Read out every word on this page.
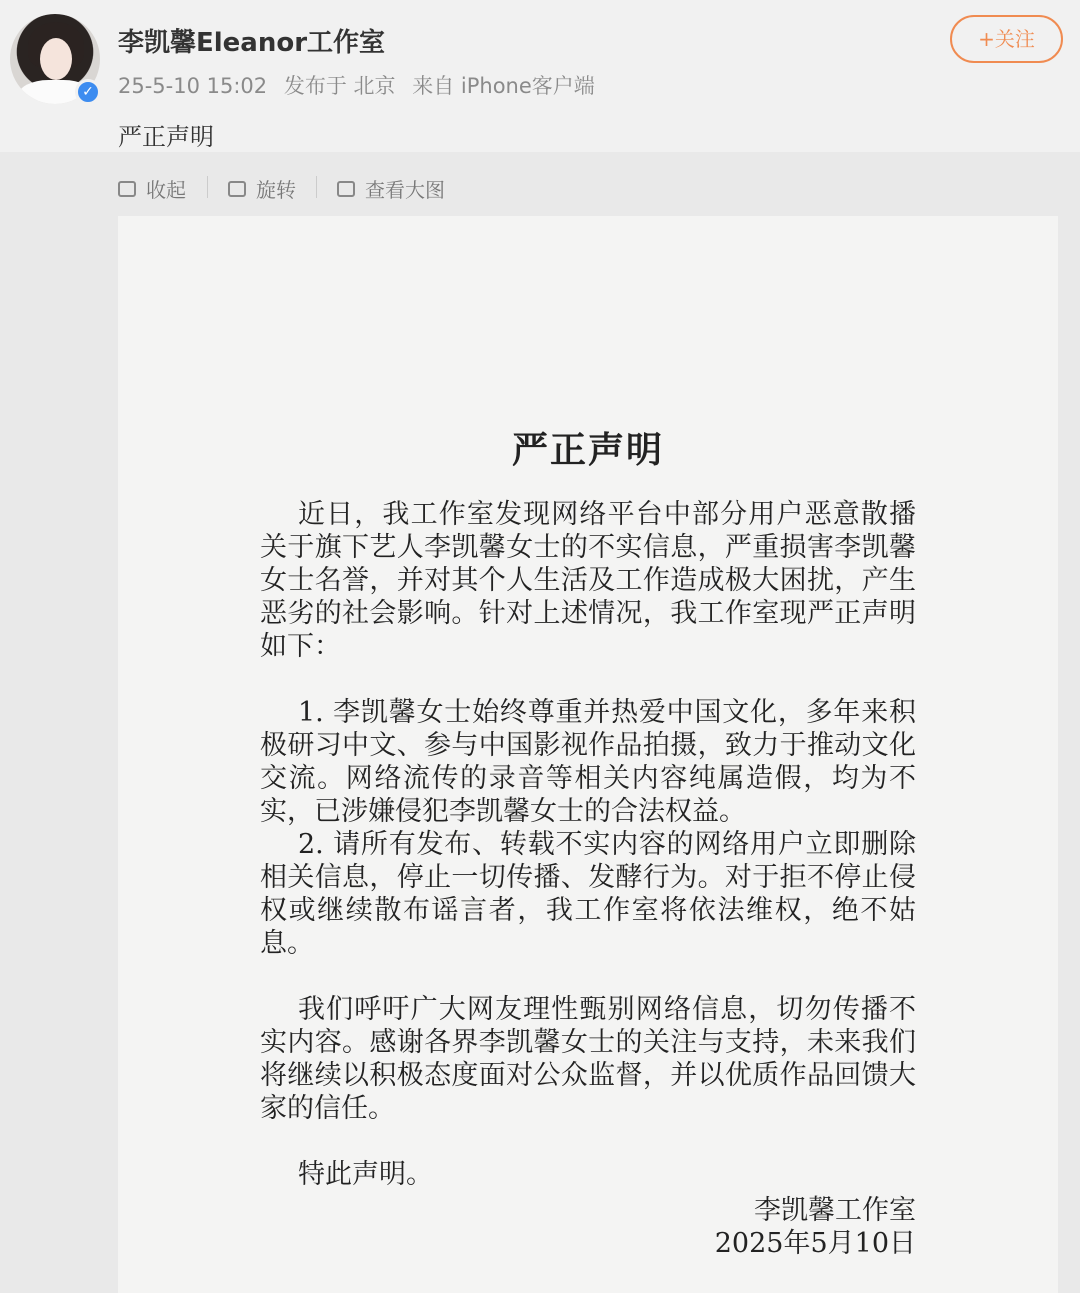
✓
李凯馨Eleanor工作室
25-5-10 15:02 发布于 北京 来自 iPhone客户端
严正声明
+关注
收起	旋转	查看大图
严正声明

近日，我工作室发现网络平台中部分用户恶意散播关于旗下艺人李凯馨女士的不实信息，严重损害李凯馨女士名誉，并对其个人生活及工作造成极大困扰，产生恶劣的社会影响。针对上述情况，我工作室现严正声明如下：

1. 李凯馨女士始终尊重并热爱中国文化，多年来积极研习中文、参与中国影视作品拍摄，致力于推动文化交流。网络流传的录音等相关内容纯属造假，均为不实，已涉嫌侵犯李凯馨女士的合法权益。

2. 请所有发布、转载不实内容的网络用户立即删除相关信息，停止一切传播、发酵行为。对于拒不停止侵权或继续散布谣言者，我工作室将依法维权，绝不姑息。

我们呼吁广大网友理性甄别网络信息，切勿传播不实内容。感谢各界李凯馨女士的关注与支持，未来我们将继续以积极态度面对公众监督，并以优质作品回馈大家的信任。

特此声明。

李凯馨工作室
2025年5月10日
